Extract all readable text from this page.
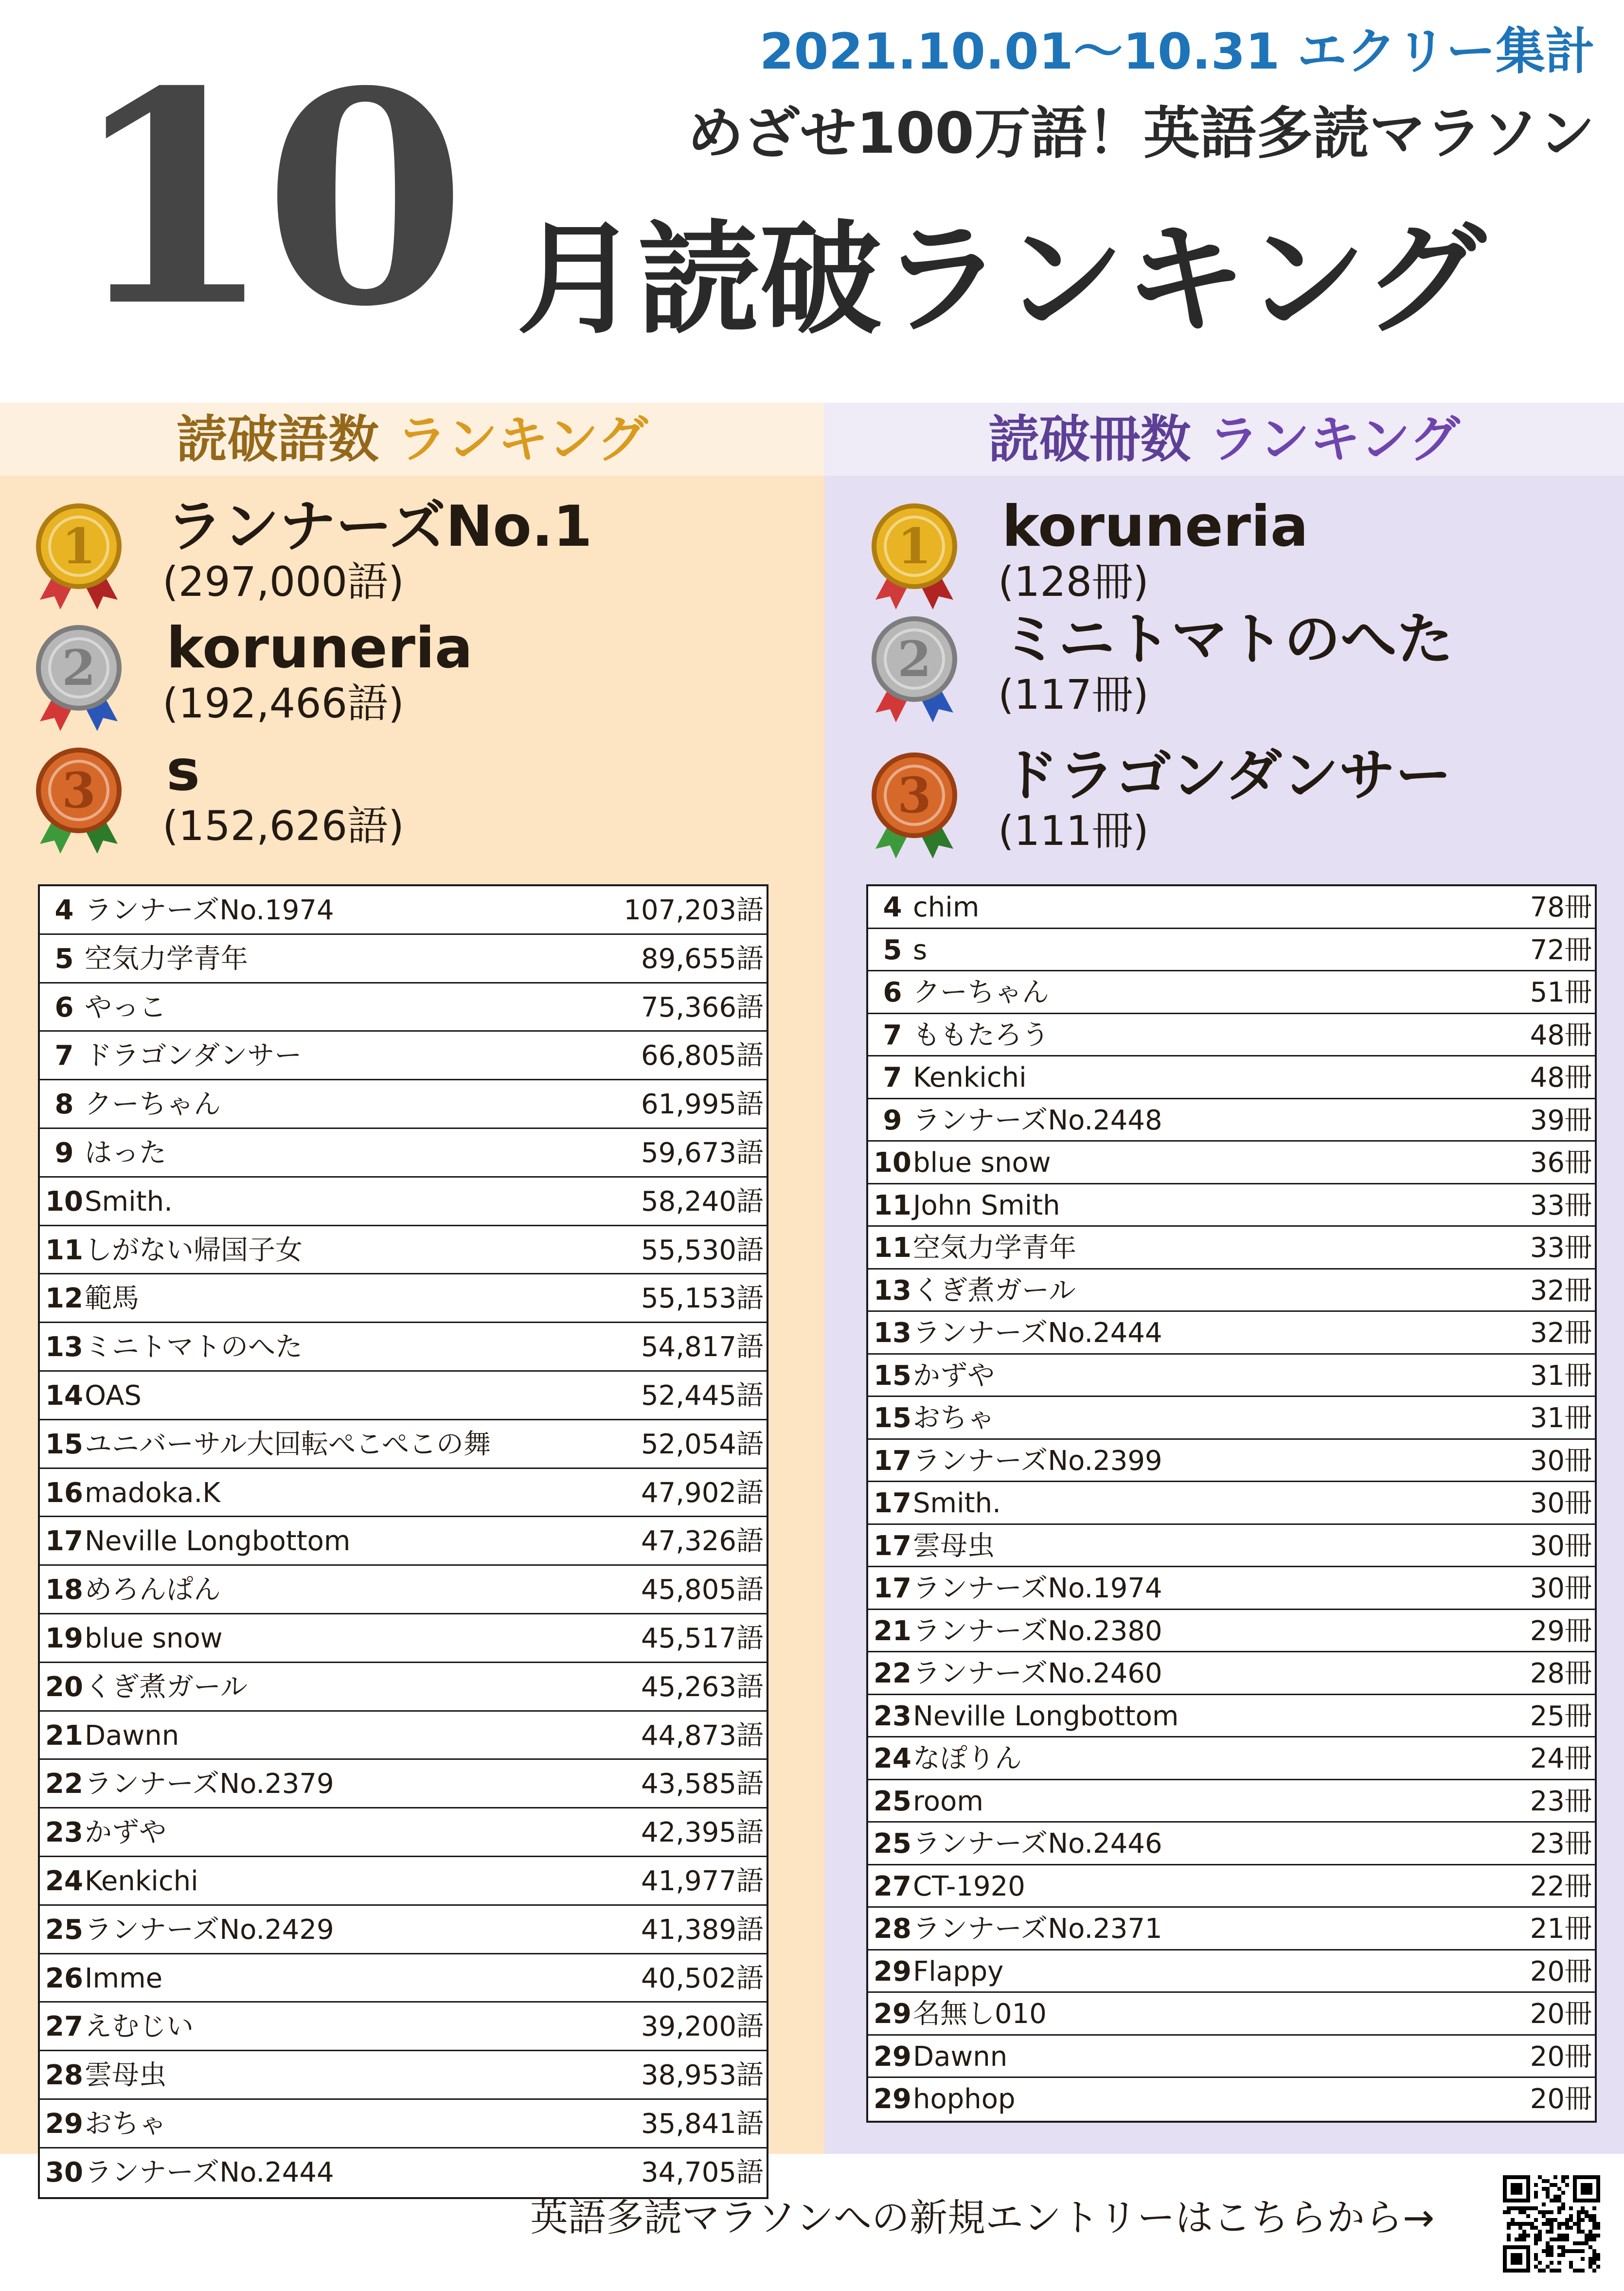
10	2021.10.01～10.31 エクリー集計
めざせ100万語！英語多読マラソン
月読破ランキング
読破語数 ランキング	読破冊数 ランキング
1 ランナーズNo.1
(297,000語)
2 koruneria
(192,466語)
3 s
(152,626語)
1 koruneria
(128冊)
2 ミニトマトのへた
(117冊)
3 ドラゴンダンサー
(111冊)
4 ランナーズNo.1974	107,203語
5 空気力学青年	89,655語
6 やっこ	75,366語
7 ドラゴンダンサー	66,805語
8 クーちゃん	61,995語
9 はった	59,673語
10 Smith.	58,240語
11 しがない帰国子女	55,530語
12 範馬	55,153語
13 ミニトマトのへた	54,817語
14 OAS	52,445語
15 ユニバーサル大回転ぺこぺこの舞	52,054語
16 madoka.K	47,902語
17 Neville Longbottom	47,326語
18 めろんぱん	45,805語
19 blue snow	45,517語
20 くぎ煮ガール	45,263語
21 Dawnn	44,873語
22 ランナーズNo.2379	43,585語
23 かずや	42,395語
24 Kenkichi	41,977語
25 ランナーズNo.2429	41,389語
26 Imme	40,502語
27 えむじい	39,200語
28 雲母虫	38,953語
29 おちゃ	35,841語
30 ランナーズNo.2444	34,705語
4 chim	78冊
5 s	72冊
6 クーちゃん	51冊
7 ももたろう	48冊
7 Kenkichi	48冊
9 ランナーズNo.2448	39冊
10 blue snow	36冊
11 John Smith	33冊
11 空気力学青年	33冊
13 くぎ煮ガール	32冊
13 ランナーズNo.2444	32冊
15 かずや	31冊
15 おちゃ	31冊
17 ランナーズNo.2399	30冊
17 Smith.	30冊
17 雲母虫	30冊
17 ランナーズNo.1974	30冊
21 ランナーズNo.2380	29冊
22 ランナーズNo.2460	28冊
23 Neville Longbottom	25冊
24 なぽりん	24冊
25 room	23冊
25 ランナーズNo.2446	23冊
27 CT-1920	22冊
28 ランナーズNo.2371	21冊
29 Flappy	20冊
29 名無し010	20冊
29 Dawnn	20冊
29 hophop	20冊
英語多読マラソンへの新規エントリーはこちらから→
